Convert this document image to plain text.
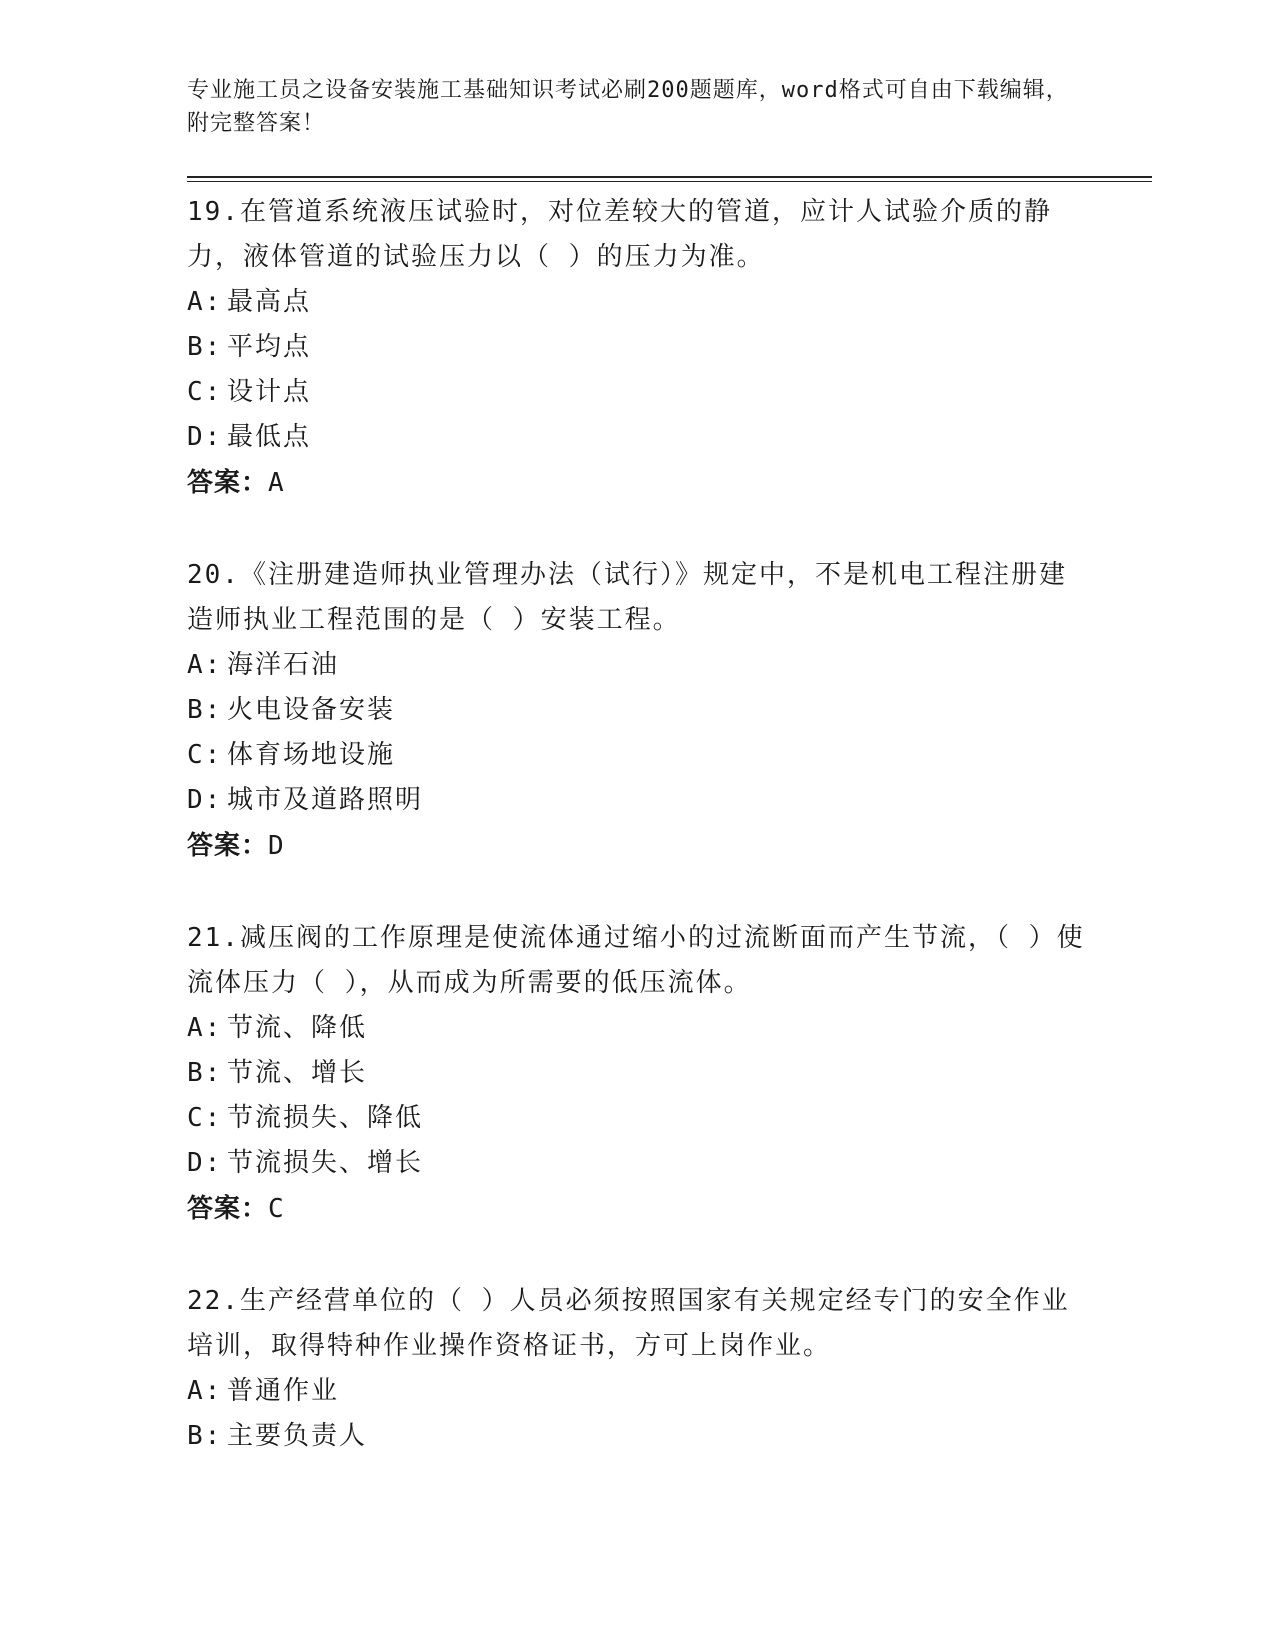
专业施工员之设备安装施工基础知识考试必刷200题题库，word格式可自由下载编辑，附完整答案！
19.在管道系统液压试验时，对位差较大的管道，应计人试验介质的静力，液体管道的试验压力以（ ）的压力为准。
A: 最高点
B: 平均点
C: 设计点
D: 最低点
答案：A
20.《注册建造师执业管理办法（试行）》规定中，不是机电工程注册建造师执业工程范围的是（ ）安装工程。
A: 海洋石油
B: 火电设备安装
C: 体育场地设施
D: 城市及道路照明
答案：D
21.减压阀的工作原理是使流体通过缩小的过流断面而产生节流，（ ）使流体压力（ ），从而成为所需要的低压流体。
A: 节流、降低
B: 节流、增长
C: 节流损失、降低
D: 节流损失、增长
答案：C
22.生产经营单位的（ ）人员必须按照国家有关规定经专门的安全作业培训，取得特种作业操作资格证书，方可上岗作业。
A: 普通作业
B: 主要负责人
